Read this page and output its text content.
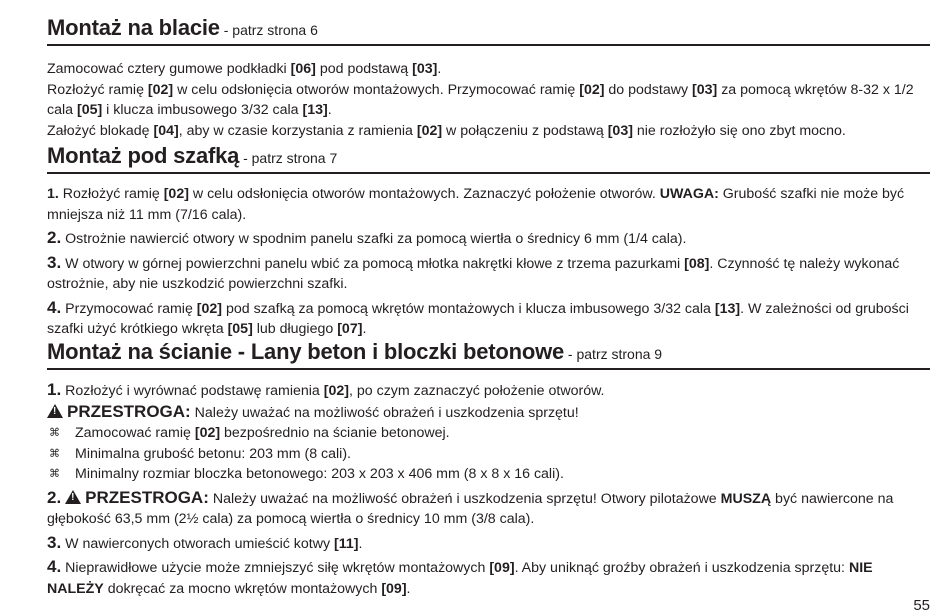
Montaż na blacie - patrz strona 6

Zamocować cztery gumowe podkładki [06] pod podstawą [03].

Rozłożyć ramię [02] w celu odsłonięcia otworów montażowych. Przymocować ramię [02] do podstawy [03] za pomocą wkrętów 8-32 x 1/2 cala [05] i klucza imbusowego 3/32 cala [13].

Założyć blokadę [04], aby w czasie korzystania z ramienia [02] w połączeniu z podstawą [03] nie rozłożyło się ono zbyt mocno.

Montaż pod szafką - patrz strona 7

1. Rozłożyć ramię [02] w celu odsłonięcia otworów montażowych. Zaznaczyć położenie otworów. UWAGA: Grubość szafki nie może być mniejsza niż 11 mm (7/16 cala).

2. Ostrożnie nawiercić otwory w spodnim panelu szafki za pomocą wiertła o średnicy 6 mm (1/4 cala).

3. W otwory w górnej powierzchni panelu wbić za pomocą młotka nakrętki kłowe z trzema pazurkami [08]. Czynność tę należy wykonać ostrożnie, aby nie uszkodzić powierzchni szafki.

4. Przymocować ramię [02] pod szafką za pomocą wkrętów montażowych i klucza imbusowego 3/32 cala [13]. W zależności od grubości szafki użyć krótkiego wkręta [05] lub długiego [07].

Montaż na ścianie - Lany beton i bloczki betonowe - patrz strona 9

1. Rozłożyć i wyrównać podstawę ramienia [02], po czym zaznaczyć położenie otworów.

!PRZESTROGA: Należy uważać na możliwość obrażeń i uszkodzenia sprzętu!

⌘ Zamocować ramię [02] bezpośrednio na ścianie betonowej.

⌘ Minimalna grubość betonu: 203 mm (8 cali).

⌘ Minimalny rozmiar bloczka betonowego: 203 x 203 x 406 mm (8 x 8 x 16 cali).

2. ! PRZESTROGA: Należy uważać na możliwość obrażeń i uszkodzenia sprzętu! Otwory pilotażowe MUSZĄ być nawiercone na głębokość 63,5 mm (2½ cala) za pomocą wiertła o średnicy 10 mm (3/8 cala).

3. W nawierconych otworach umieścić kotwy [11].

4. Nieprawidłowe użycie może zmniejszyć siłę wkrętów montażowych [09]. Aby uniknąć groźby obrażeń i uszkodzenia sprzętu: NIE NALEŻY dokręcać za mocno wkrętów montażowych [09].

55
